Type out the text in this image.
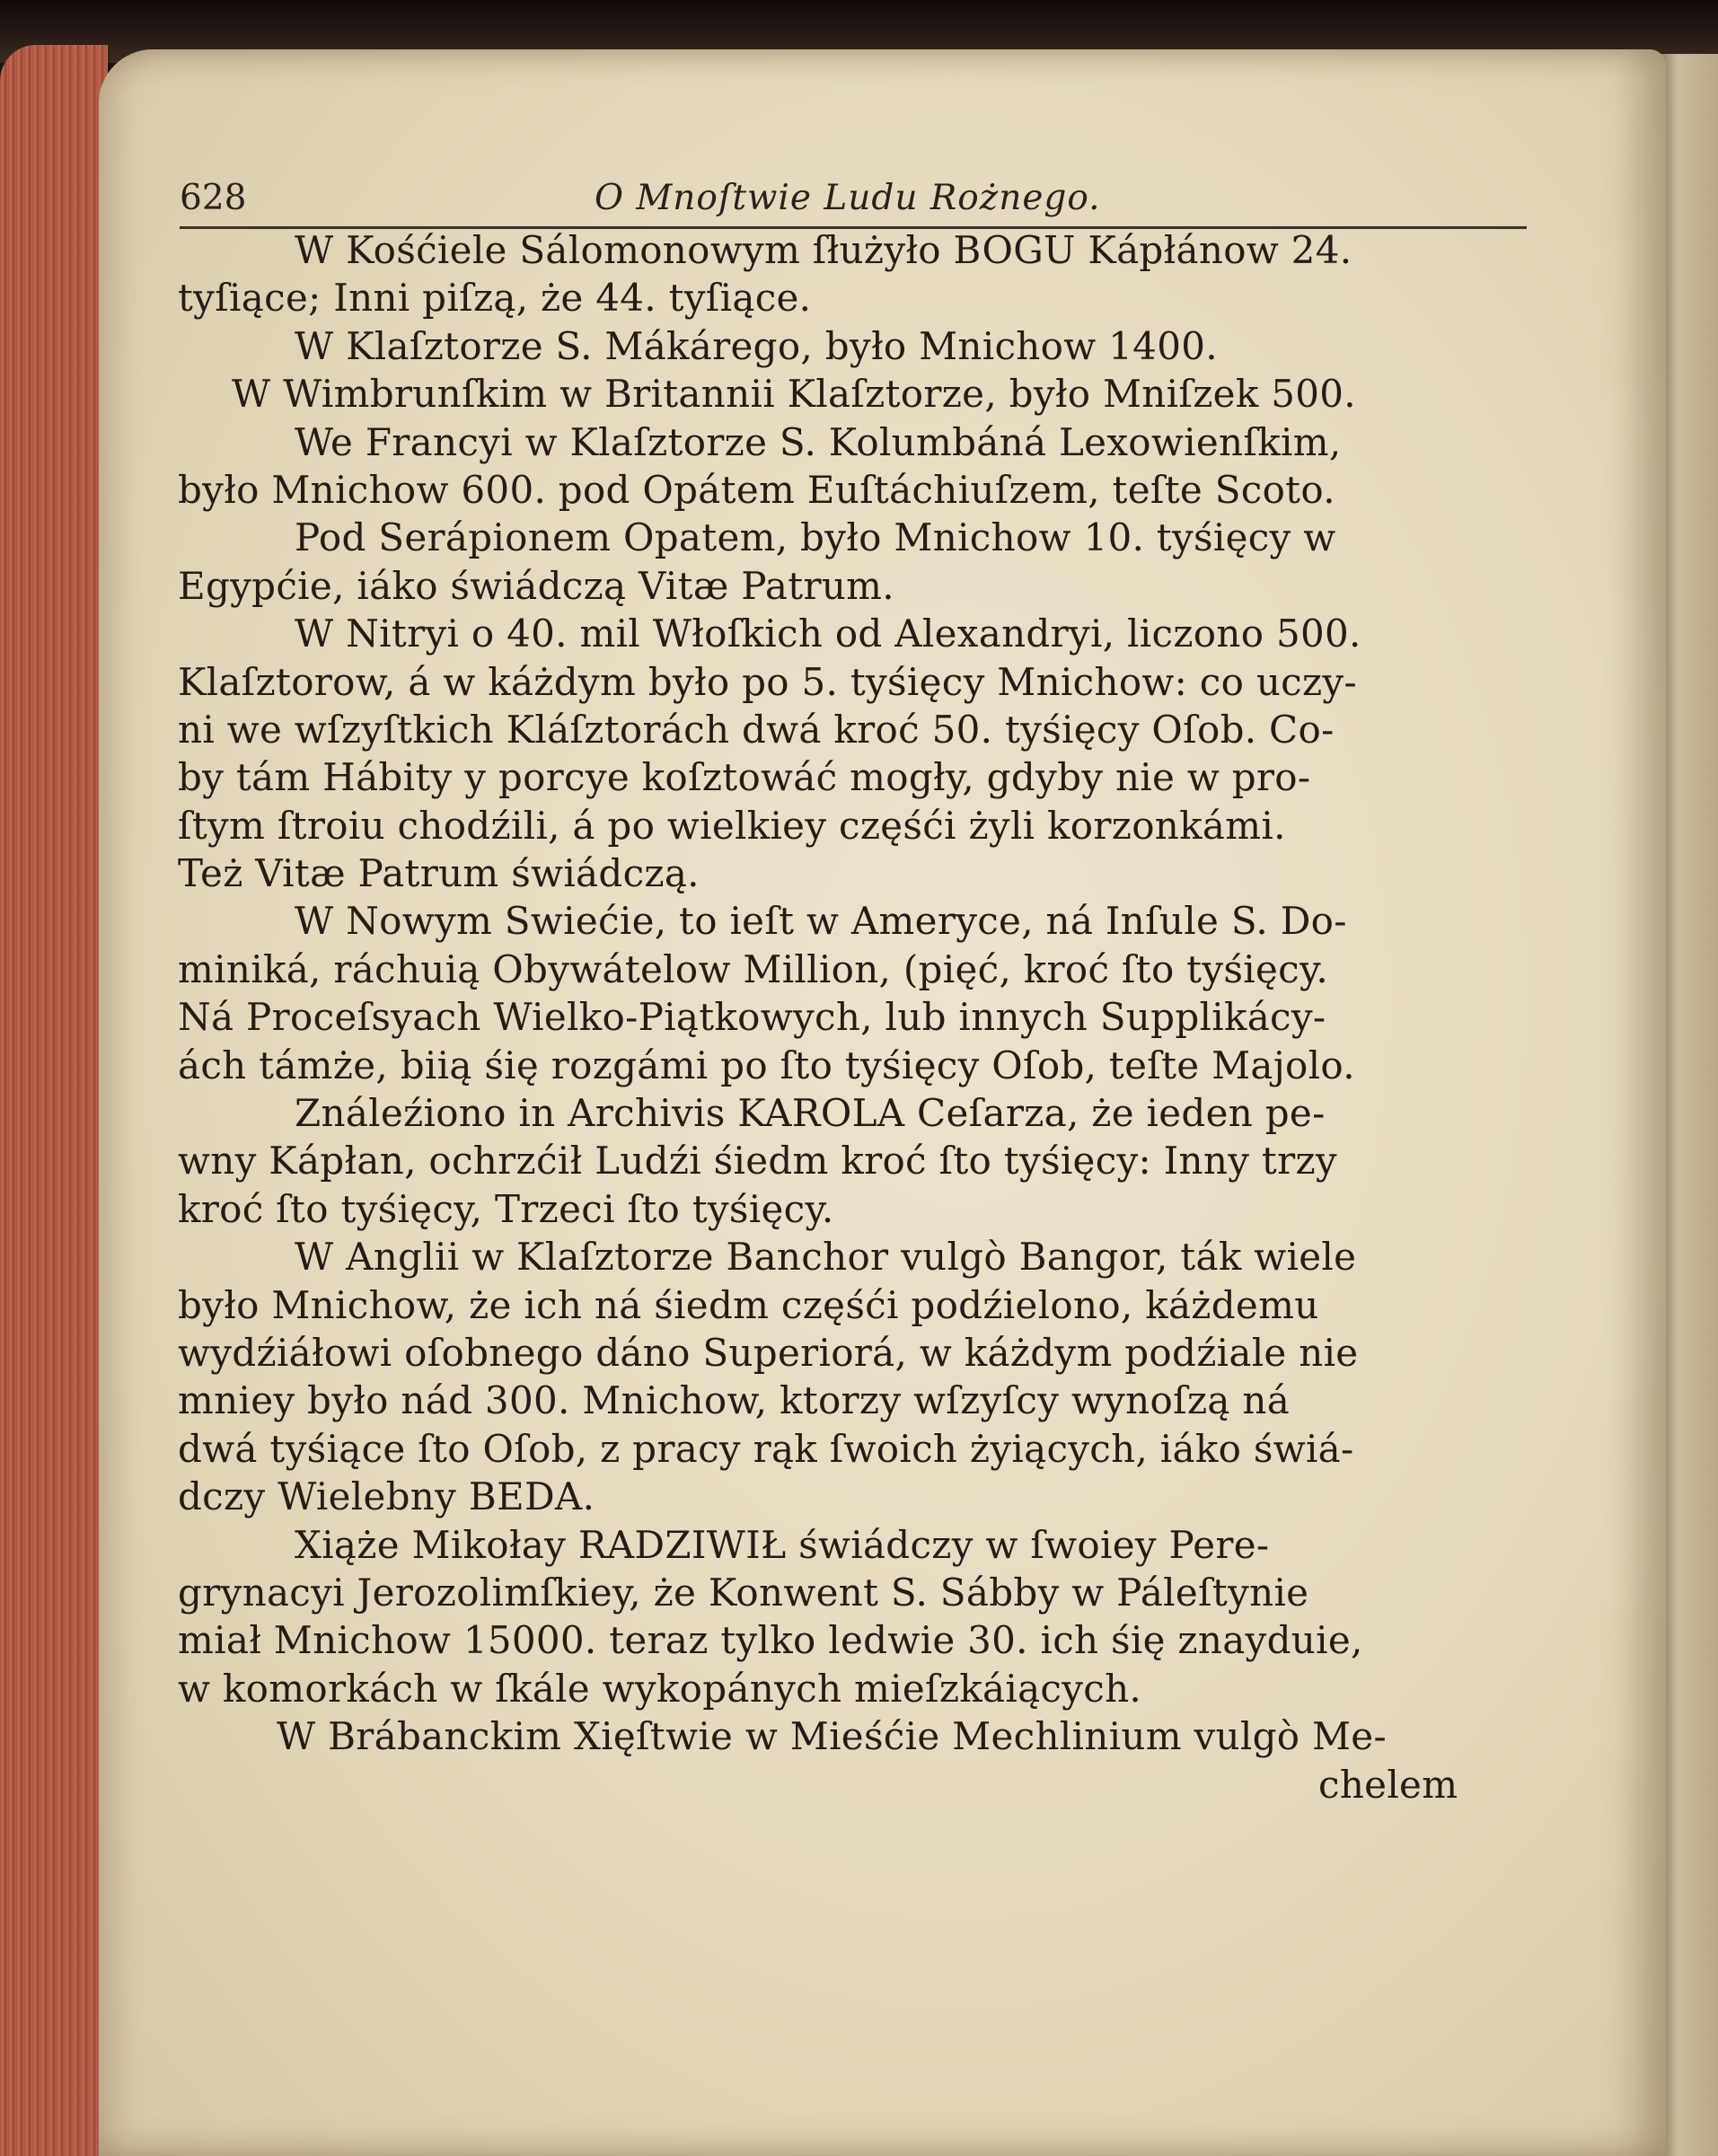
628	O Mnoſtwie Ludu Rożnego.
W Kośćiele Sálomonowym ſłużyło BOGU Kápłánow 24.
tyſiące; Inni piſzą, że 44. tyſiące.
W Klaſztorze S. Mákárego, było Mnichow 1400.
W Wimbrunſkim w Britannii Klaſztorze, było Mniſzek 500.
We Francyi w Klaſztorze S. Kolumbáná Lexowienſkim,
było Mnichow 600. pod Opátem Euſtáchiuſzem, teſte Scoto.
Pod Serápionem Opatem, było Mnichow 10. tyśięcy w
Egypćie, iáko świádczą Vitæ Patrum.
W Nitryi o 40. mil Włoſkich od Alexandryi, liczono 500.
Klaſztorow, á w káżdym było po 5. tyśięcy Mnichow: co uczy-
ni we wſzyſtkich Kláſztorách dwá kroć 50. tyśięcy Oſob. Co-
by tám Hábity y porcye koſztowáć mogły, gdyby nie w pro-
ſtym ſtroiu chodźili, á po wielkiey częśći żyli korzonkámi.
Też Vitæ Patrum świádczą.
W Nowym Swiećie, to ieſt w Ameryce, ná Inſule S. Do-
miniká, ráchuią Obywátelow Million, (pięć, kroć ſto tyśięcy.
Ná Proceſsyach Wielko-Piątkowych, lub innych Supplikácy-
ách támże, biią śię rozgámi po ſto tyśięcy Oſob, teſte Majolo.
Ználeźiono in Archivis KAROLA Ceſarza, że ieden pe-
wny Kápłan, ochrzćił Ludźi śiedm kroć ſto tyśięcy: Inny trzy
kroć ſto tyśięcy, Trzeci ſto tyśięcy.
W Anglii w Klaſztorze Banchor vulgò Bangor, ták wiele
było Mnichow, że ich ná śiedm częśći podźielono, káżdemu
wydźiáłowi oſobnego dáno Superiorá, w káżdym podźiale nie
mniey było nád 300. Mnichow, ktorzy wſzyſcy wynoſzą ná
dwá tyśiące ſto Oſob, z pracy rąk ſwoich żyiących, iáko świá-
dczy Wielebny BEDA.
Xiąże Mikołay RADZIWIŁ świádczy w ſwoiey Pere-
grynacyi Jerozolimſkiey, że Konwent S. Sábby w Páleſtynie
miał Mnichow 15000. teraz tylko ledwie 30. ich śię znayduie,
w komorkách w ſkále wykopánych mieſzkáiących.
W Brábanckim Xięſtwie w Mieśćie Mechlinium vulgò Me-
chelem
